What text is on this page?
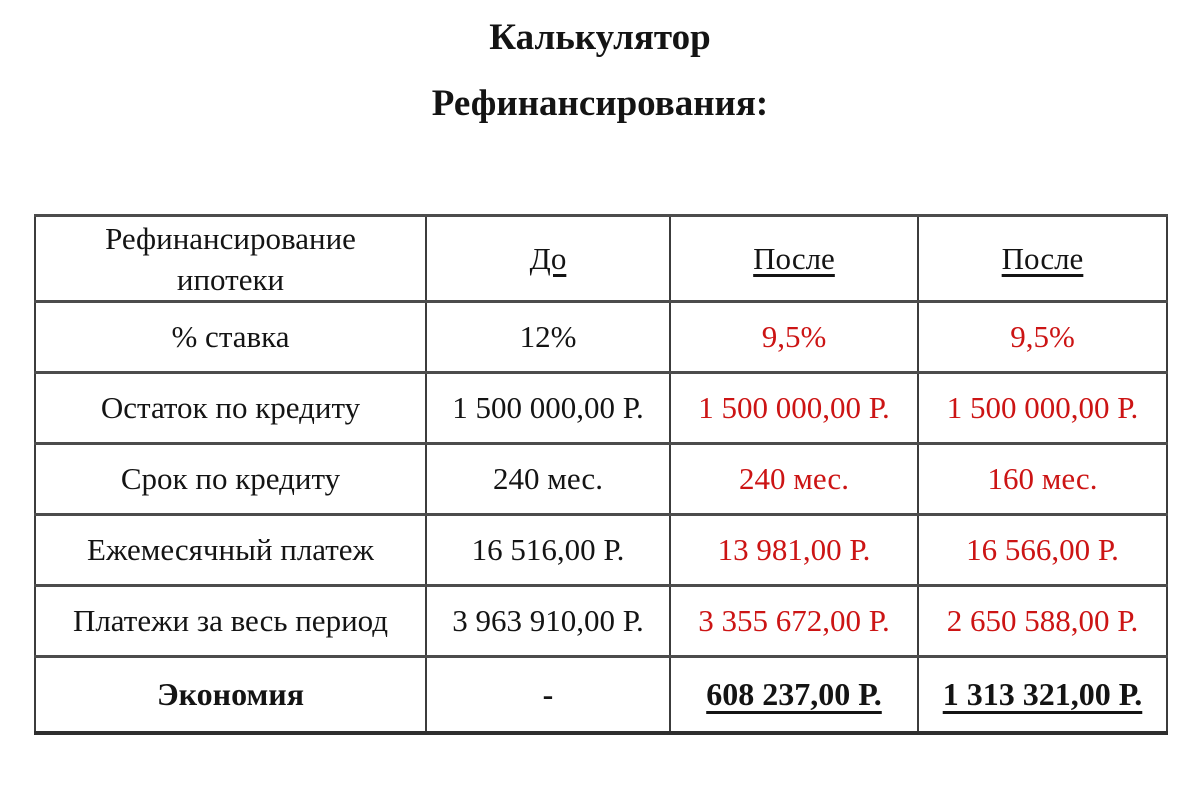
Калькулятор
Рефинансирования:
Рефинансирование
ипотеки	До	После	После
% ставка	12%	9,5%	9,5%
Остаток по кредиту	1 500 000,00 Р.	1 500 000,00 Р.	1 500 000,00 Р.
Срок по кредиту	240 мес.	240 мес.	160 мес.
Ежемесячный платеж	16 516,00 Р.	13 981,00 Р.	16 566,00 Р.
Платежи за весь период	3 963 910,00 Р.	3 355 672,00 Р.	2 650 588,00 Р.
Экономия	-	608 237,00 Р.	1 313 321,00 Р.
